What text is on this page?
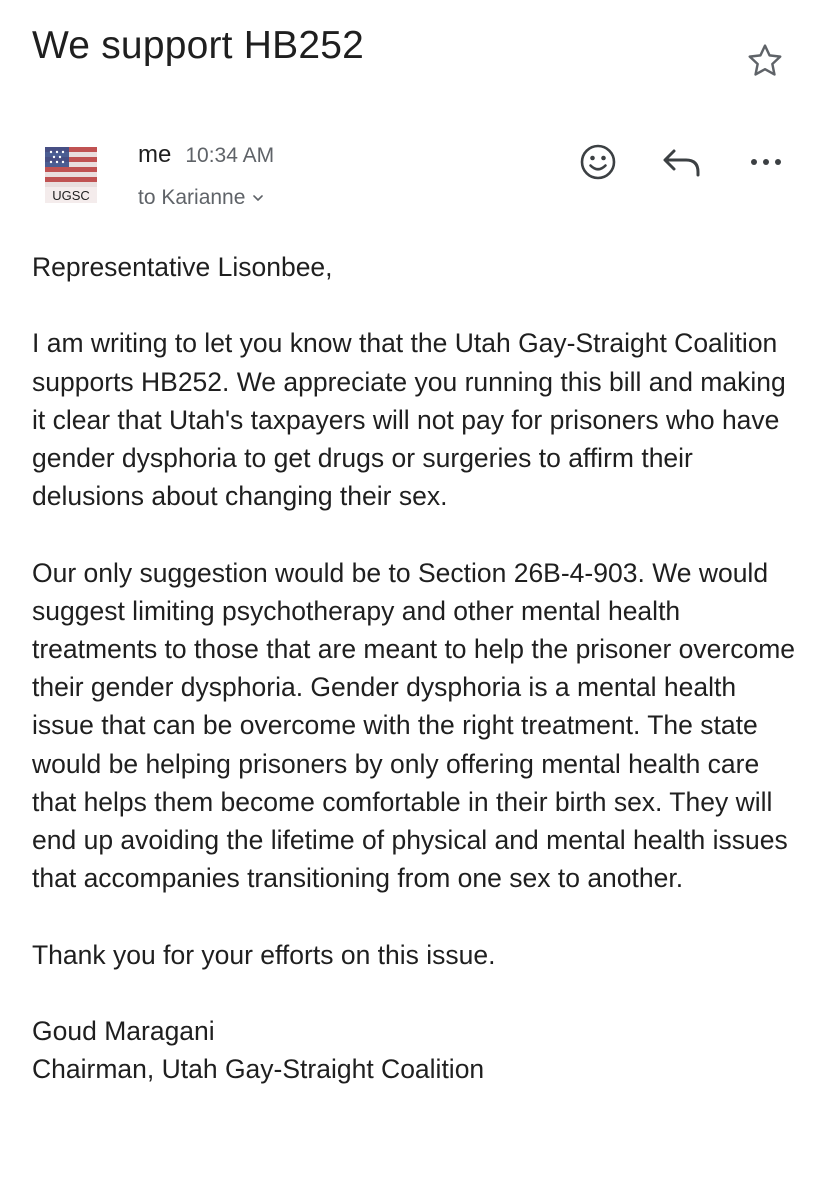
We support HB252
UGSC
me 10:34 AM
to Karianne

Representative Lisonbee,

I am writing to let you know that the Utah Gay-Straight Coalition supports HB252. We appreciate you running this bill and making it clear that Utah's taxpayers will not pay for prisoners who have gender dysphoria to get drugs or surgeries to affirm their delusions about changing their sex.

Our only suggestion would be to Section 26B-4-903. We would suggest limiting psychotherapy and other mental health treatments to those that are meant to help the prisoner overcome their gender dysphoria. Gender dysphoria is a mental health issue that can be overcome with the right treatment. The state would be helping prisoners by only offering mental health care that helps them become comfortable in their birth sex. They will end up avoiding the lifetime of physical and mental health issues that accompanies transitioning from one sex to another.

Thank you for your efforts on this issue.

Goud Maragani

Chairman, Utah Gay-Straight Coalition
